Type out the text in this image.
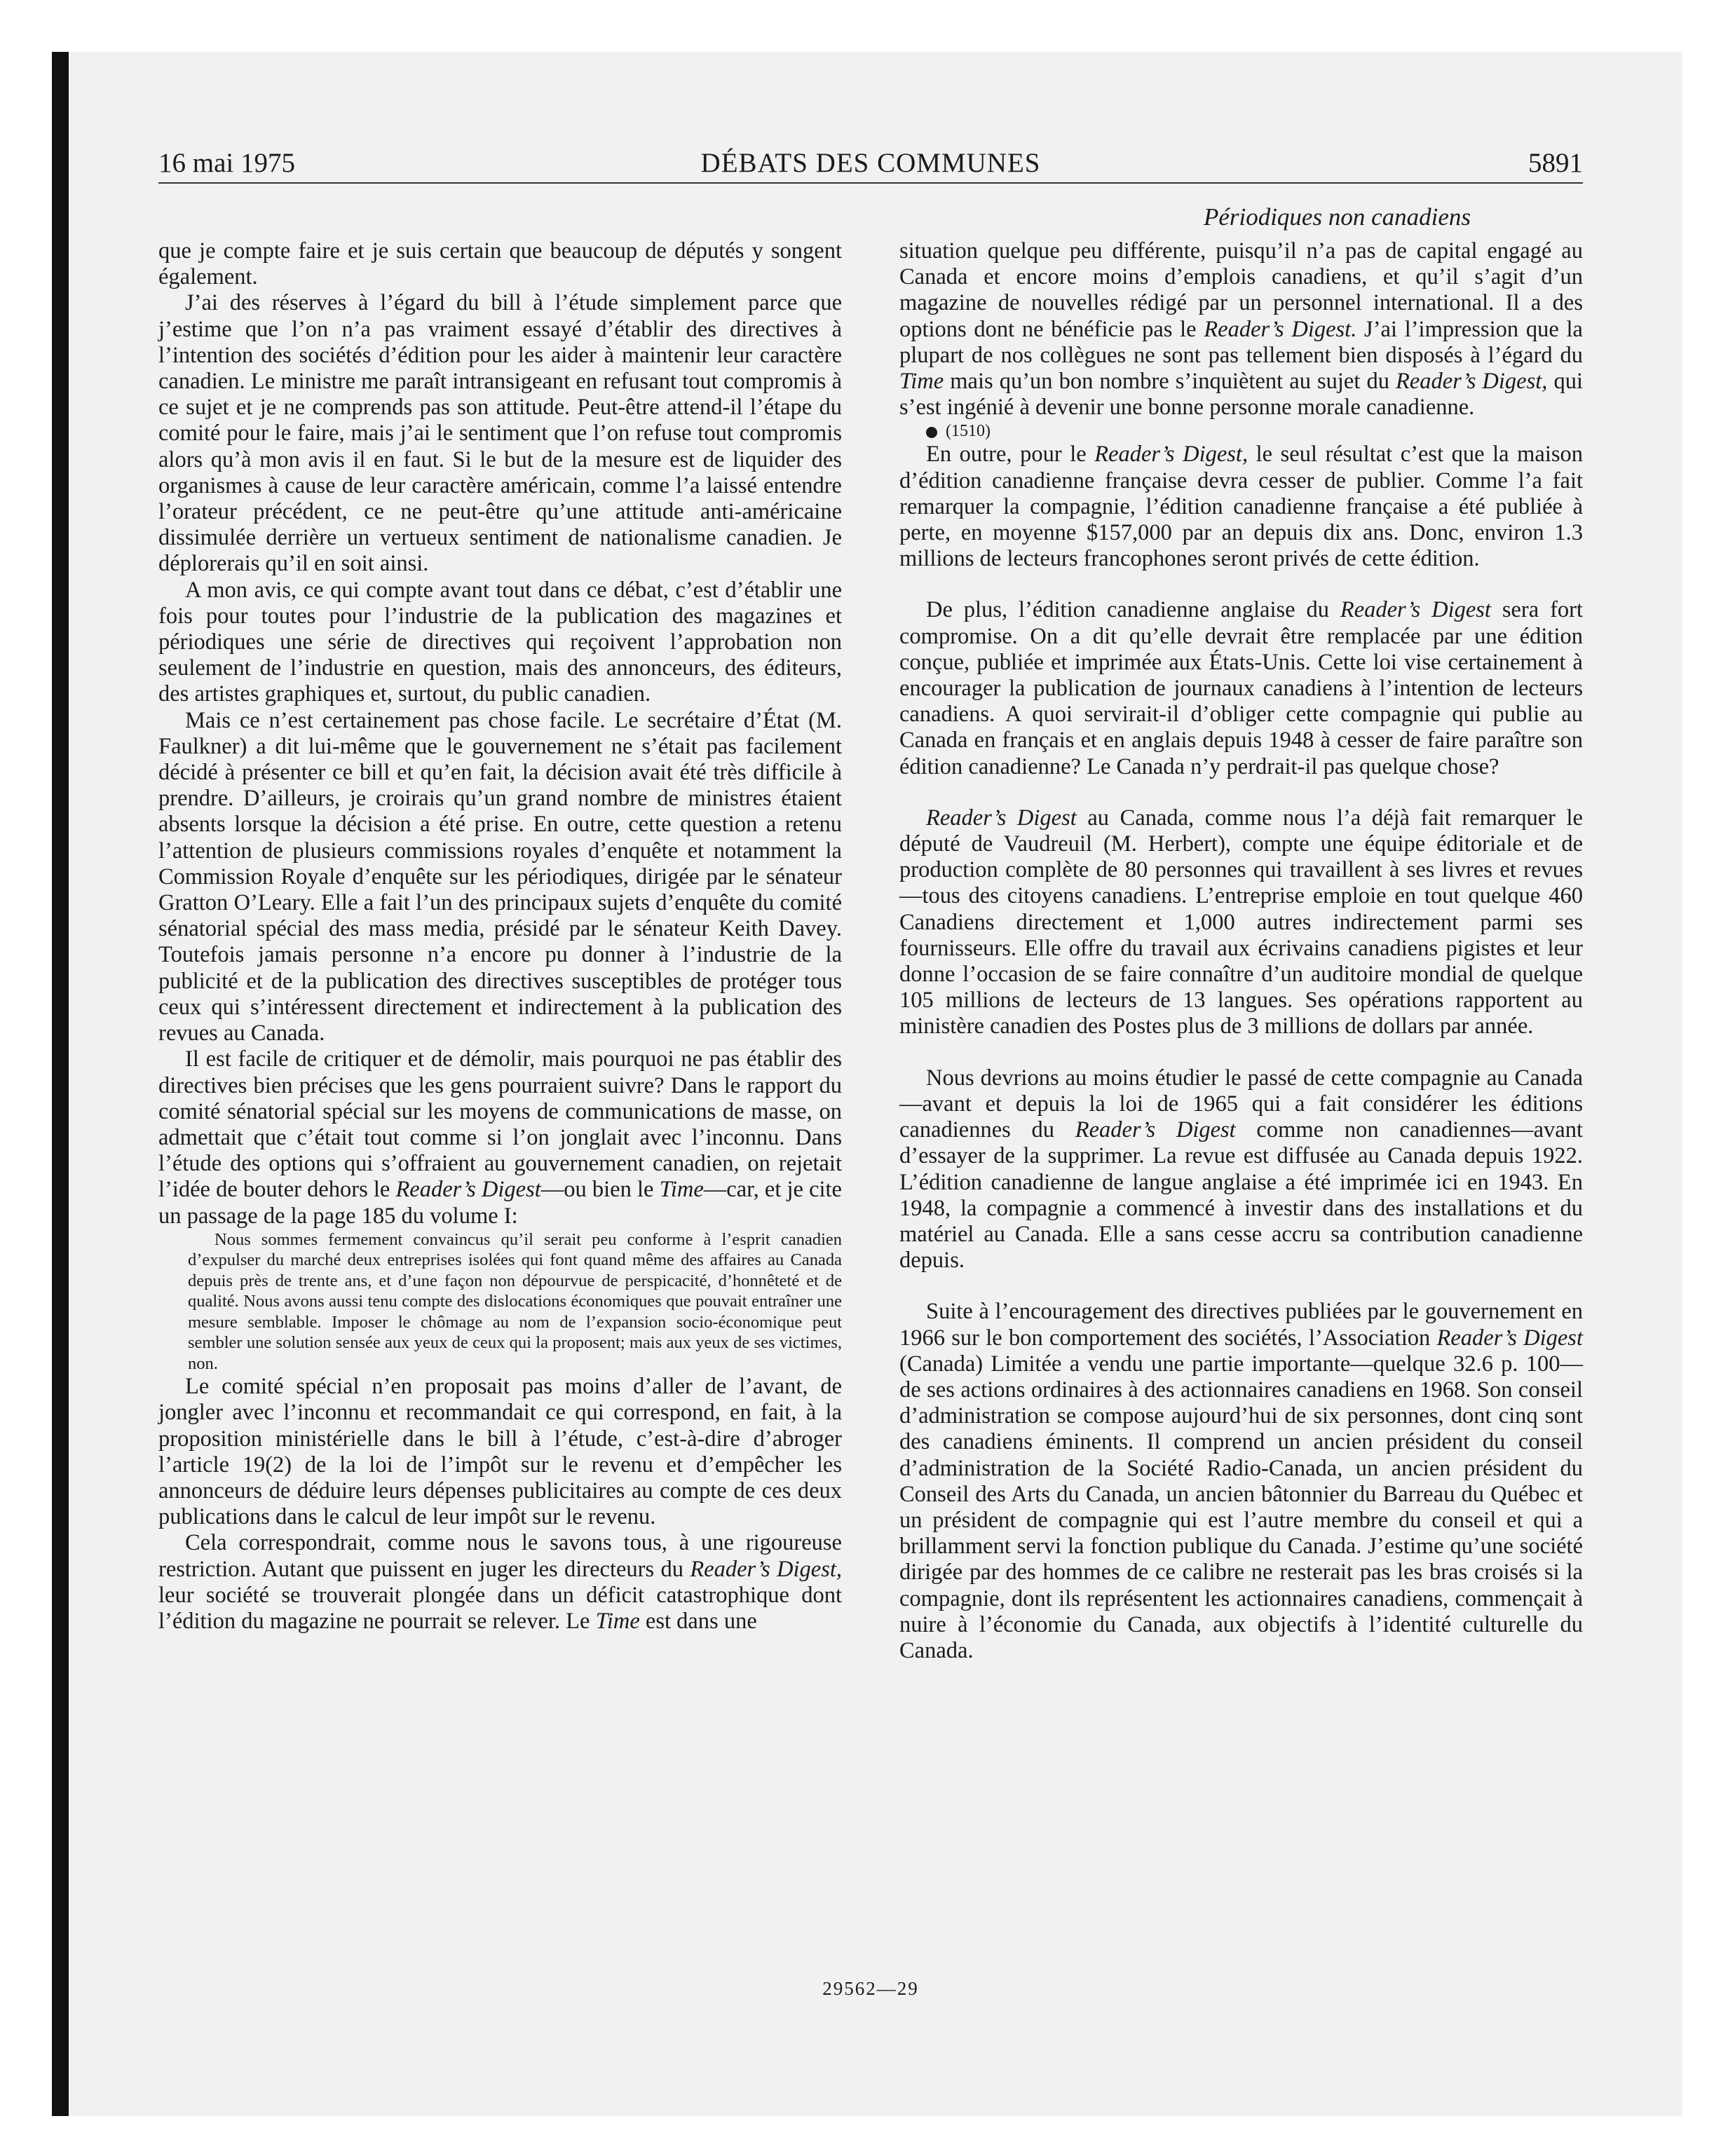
16 mai 1975	DÉBATS DES COMMUNES	5891
Périodiques non canadiens

que je compte faire et je suis certain que beaucoup de députés y songent également.

J’ai des réserves à l’égard du bill à l’étude simplement parce que j’estime que l’on n’a pas vraiment essayé d’établir des directives à l’intention des sociétés d’édition pour les aider à maintenir leur caractère canadien. Le ministre me paraît intransigeant en refusant tout compromis à ce sujet et je ne comprends pas son attitude. Peut-être attend-il l’étape du comité pour le faire, mais j’ai le sentiment que l’on refuse tout compromis alors qu’à mon avis il en faut. Si le but de la mesure est de liquider des organismes à cause de leur caractère américain, comme l’a laissé entendre l’orateur précédent, ce ne peut-être qu’une attitude anti-américaine dissimulée derrière un vertueux sentiment de nationalisme canadien. Je déplorerais qu’il en soit ainsi.

A mon avis, ce qui compte avant tout dans ce débat, c’est d’établir une fois pour toutes pour l’industrie de la publication des magazines et périodiques une série de directives qui reçoivent l’approbation non seulement de l’industrie en question, mais des annonceurs, des éditeurs, des artistes graphiques et, surtout, du public canadien.

Mais ce n’est certainement pas chose facile. Le secrétaire d’État (M. Faulkner) a dit lui-même que le gouvernement ne s’était pas facilement décidé à présenter ce bill et qu’en fait, la décision avait été très difficile à prendre. D’ailleurs, je croirais qu’un grand nombre de ministres étaient absents lorsque la décision a été prise. En outre, cette question a retenu l’attention de plusieurs commissions royales d’enquête et notamment la Commission Royale d’enquête sur les périodiques, dirigée par le sénateur Gratton O’Leary. Elle a fait l’un des principaux sujets d’enquête du comité sénatorial spécial des mass media, présidé par le sénateur Keith Davey. Toutefois jamais personne n’a encore pu donner à l’industrie de la publicité et de la publication des directives susceptibles de protéger tous ceux qui s’intéressent directement et indirectement à la publication des revues au Canada.

Il est facile de critiquer et de démolir, mais pourquoi ne pas établir des directives bien précises que les gens pourraient suivre? Dans le rapport du comité sénatorial spécial sur les moyens de communications de masse, on admettait que c’était tout comme si l’on jonglait avec l’inconnu. Dans l’étude des options qui s’offraient au gouvernement canadien, on rejetait l’idée de bouter dehors le Reader’s Digest—ou bien le Time—car, et je cite un passage de la page 185 du volume I:

Nous sommes fermement convaincus qu’il serait peu conforme à l’esprit canadien d’expulser du marché deux entreprises isolées qui font quand même des affaires au Canada depuis près de trente ans, et d’une façon non dépourvue de perspicacité, d’honnêteté et de qualité. Nous avons aussi tenu compte des dislocations économiques que pouvait entraîner une mesure semblable. Imposer le chômage au nom de l’expansion socio-économique peut sembler une solution sensée aux yeux de ceux qui la proposent; mais aux yeux de ses victimes, non.

Le comité spécial n’en proposait pas moins d’aller de l’avant, de jongler avec l’inconnu et recommandait ce qui correspond, en fait, à la proposition ministérielle dans le bill à l’étude, c’est-à-dire d’abroger l’article 19(2) de la loi de l’impôt sur le revenu et d’empêcher les annonceurs de déduire leurs dépenses publicitaires au compte de ces deux publications dans le calcul de leur impôt sur le revenu.

Cela correspondrait, comme nous le savons tous, à une rigoureuse restriction. Autant que puissent en juger les directeurs du Reader’s Digest, leur société se trouverait plongée dans un déficit catastrophique dont l’édition du magazine ne pourrait se relever. Le Time est dans une

situation quelque peu différente, puisqu’il n’a pas de capital engagé au Canada et encore moins d’emplois canadiens, et qu’il s’agit d’un magazine de nouvelles rédigé par un personnel international. Il a des options dont ne bénéficie pas le Reader’s Digest. J’ai l’impression que la plupart de nos collègues ne sont pas tellement bien disposés à l’égard du Time mais qu’un bon nombre s’inquiètent au sujet du Reader’s Digest, qui s’est ingénié à devenir une bonne personne morale canadienne.

(1510)

En outre, pour le Reader’s Digest, le seul résultat c’est que la maison d’édition canadienne française devra cesser de publier. Comme l’a fait remarquer la compagnie, l’édition canadienne française a été publiée à perte, en moyenne $157,000 par an depuis dix ans. Donc, environ 1.3 millions de lecteurs francophones seront privés de cette édition.

De plus, l’édition canadienne anglaise du Reader’s Digest sera fort compromise. On a dit qu’elle devrait être remplacée par une édition conçue, publiée et imprimée aux États-Unis. Cette loi vise certainement à encourager la publication de journaux canadiens à l’intention de lecteurs canadiens. A quoi servirait-il d’obliger cette compagnie qui publie au Canada en français et en anglais depuis 1948 à cesser de faire paraître son édition canadienne? Le Canada n’y perdrait-il pas quelque chose?

Reader’s Digest au Canada, comme nous l’a déjà fait remarquer le député de Vaudreuil (M. Herbert), compte une équipe éditoriale et de production complète de 80 personnes qui travaillent à ses livres et revues—tous des citoyens canadiens. L’entreprise emploie en tout quelque 460 Canadiens directement et 1,000 autres indirectement parmi ses fournisseurs. Elle offre du travail aux écrivains canadiens pigistes et leur donne l’occasion de se faire connaître d’un auditoire mondial de quelque 105 millions de lecteurs de 13 langues. Ses opérations rapportent au ministère canadien des Postes plus de 3 millions de dollars par année.

Nous devrions au moins étudier le passé de cette compagnie au Canada—avant et depuis la loi de 1965 qui a fait considérer les éditions canadiennes du Reader’s Digest comme non canadiennes—avant d’essayer de la supprimer. La revue est diffusée au Canada depuis 1922. L’édition canadienne de langue anglaise a été imprimée ici en 1943. En 1948, la compagnie a commencé à investir dans des installations et du matériel au Canada. Elle a sans cesse accru sa contribution canadienne depuis.

Suite à l’encouragement des directives publiées par le gouvernement en 1966 sur le bon comportement des sociétés, l’Association Reader’s Digest (Canada) Limitée a vendu une partie importante—quelque 32.6 p. 100—de ses actions ordinaires à des actionnaires canadiens en 1968. Son conseil d’administration se compose aujourd’hui de six personnes, dont cinq sont des canadiens éminents. Il comprend un ancien président du conseil d’administration de la Société Radio-Canada, un ancien président du Conseil des Arts du Canada, un ancien bâtonnier du Barreau du Québec et un président de compagnie qui est l’autre membre du conseil et qui a brillamment servi la fonction publique du Canada. J’estime qu’une société dirigée par des hommes de ce calibre ne resterait pas les bras croisés si la compagnie, dont ils représentent les actionnaires canadiens, commençait à nuire à l’économie du Canada, aux objectifs à l’identité culturelle du Canada.

29562—29
